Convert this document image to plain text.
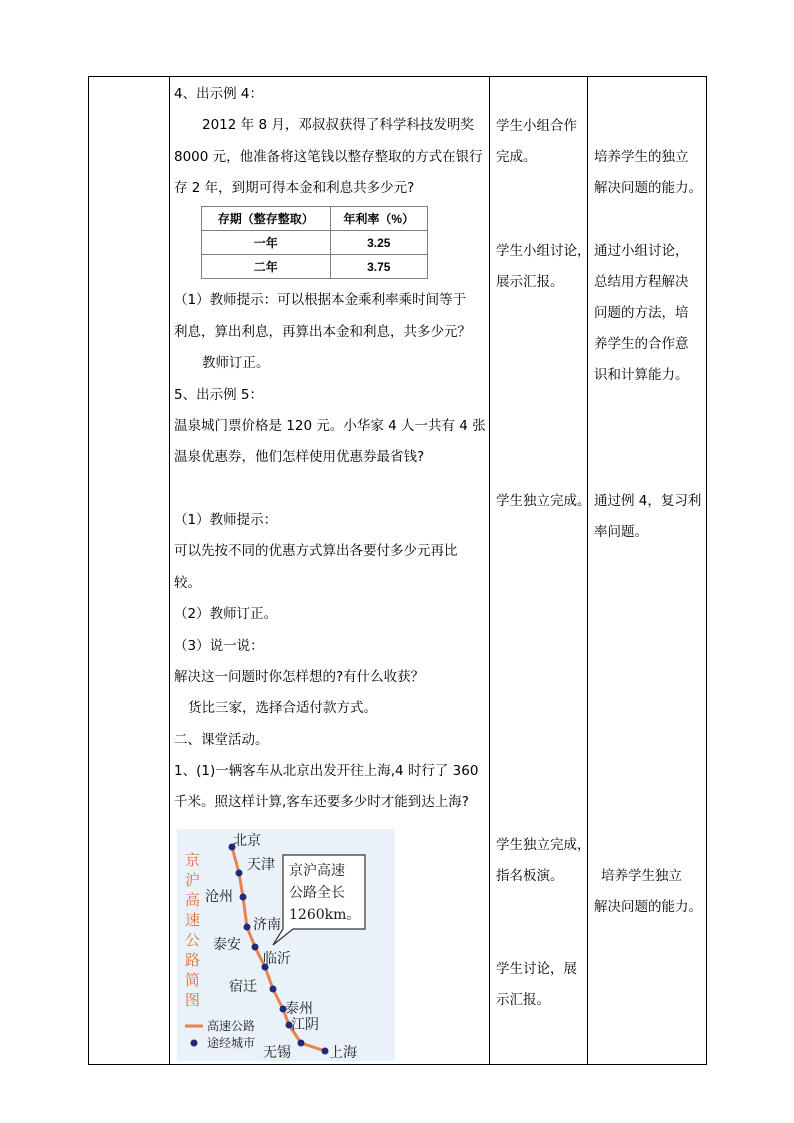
4、出示例 4：
2012 年 8 月，邓叔叔获得了科学科技发明奖
8000 元，他准备将这笔钱以整存整取的方式在银行
存 2 年，到期可得本金和利息共多少元?
存期（整存整取）	年利率（%）
一年	3.25
二年	3.75
（1）教师提示：可以根据本金乘利率乘时间等于
利息，算出利息，再算出本金和利息，共多少元？
教师订正。
5、出示例 5：
温泉城门票价格是 120 元。小华家 4 人一共有 4 张
温泉优惠券，他们怎样使用优惠券最省钱?
（1）教师提示：
可以先按不同的优惠方式算出各要付多少元再比
较。
（2）教师订正。
（3）说一说：
解决这一问题时你怎样想的?有什么收获？
货比三家，选择合适付款方式。
二、课堂活动。
1、(1)一辆客车从北京出发开往上海,4 时行了 360
千米。照这样计算,客车还要多少时才能到达上海?
京
沪
高
速
公
路
简
图
北京
天津
沧州
济南
泰安
临沂
宿迁
泰州
江阴
无锡	上海
京沪高速
公路全长
1260km。
高速公路
途经城市
学生小组合作
完成。
学生小组讨论，
展示汇报。
学生独立完成。
学生独立完成，
指名板演。
学生讨论，展
示汇报。
培养学生的独立
解决问题的能力。
通过小组讨论，
总结用方程解决
问题的方法，培
养学生的合作意
识和计算能力。
通过例 4，复习利
率问题。
培养学生独立
解决问题的能力。
